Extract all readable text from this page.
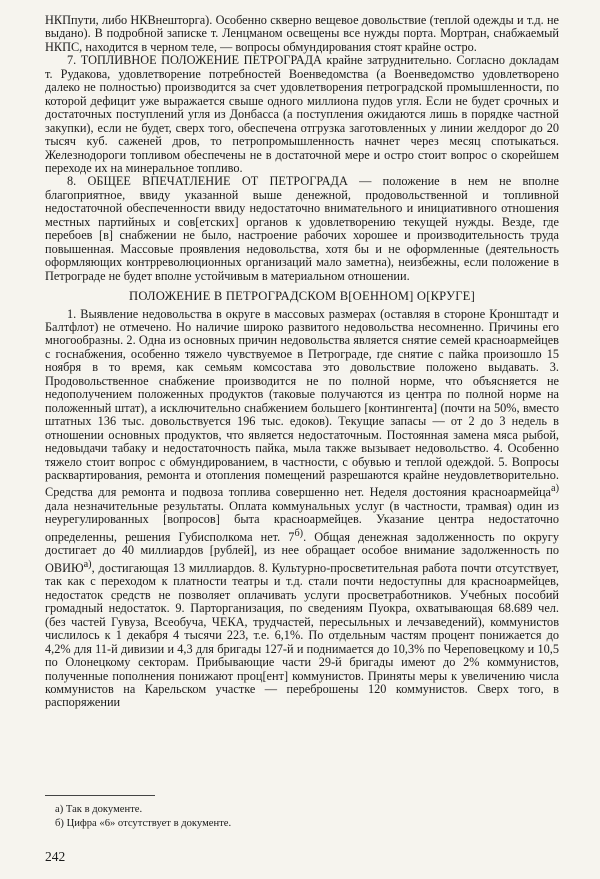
НКПпути, либо НКВнешторга). Особенно скверно вещевое довольствие (теплой одежды и т.д. не выдано). В подробной записке т. Ленцманом освещены все нужды порта. Мортран, снабжаемый НКПС, находится в черном теле, — вопросы обмундирования стоят крайне остро.

7. ТОПЛИВНОЕ ПОЛОЖЕНИЕ ПЕТРОГРАДА крайне затруднительно. Согласно докладам т. Рудакова, удовлетворение потребностей Военведомства (а Военведомство удовлетворено далеко не полностью) производится за счет удовлетворения петроградской промышленности, по которой дефицит уже выражается свыше одного миллиона пудов угля. Если не будет срочных и достаточных поступлений угля из Донбасса (а поступления ожидаются лишь в порядке частной закупки), если не будет, сверх того, обеспечена отгрузка заготовленных у линии желдорог до 20 тысяч куб. саженей дров, то петропромышленность начнет через месяц спотыкаться. Железнодороги топливом обеспечены не в достаточной мере и остро стоит вопрос о скорейшем переходе их на минеральное топливо.

8. ОБЩЕЕ ВПЕЧАТЛЕНИЕ ОТ ПЕТРОГРАДА — положение в нем не вполне благоприятное, ввиду указанной выше денежной, продовольственной и топливной недостаточной обеспеченности ввиду недостаточно внимательного и инициативного отношения местных партийных и сов[етских] органов к удовлетворению текущей нужды. Везде, где перебоев [в] снабжении не было, настроение рабочих хорошее и производительность труда повышенная. Массовые проявления недовольства, хотя бы и не оформленные (деятельность оформляющих контрреволюционных организаций мало заметна), неизбежны, если положение в Петрограде не будет вполне устойчивым в материальном отношении.

ПОЛОЖЕНИЕ В ПЕТРОГРАДСКОМ В[ОЕННОМ] О[КРУГЕ]

1. Выявление недовольства в округе в массовых размерах (оставляя в стороне Кронштадт и Балтфлот) не отмечено. Но наличие широко развитого недовольства несомненно. Причины его многообразны. 2. Одна из основных причин недовольства является снятие семей красноармейцев с госнабжения, особенно тяжело чувствуемое в Петрограде, где снятие с пайка произошло 15 ноября в то время, как семьям комсостава это довольствие положено выдавать. 3. Продовольственное снабжение производится не по полной норме, что объясняется не недополучением положенных продуктов (таковые получаются из центра по полной норме на положенный штат), а исключительно снабжением большего [контингента] (почти на 50%, вместо штатных 136 тыс. довольствуется 196 тыс. едоков). Текущие запасы — от 2 до 3 недель в отношении основных продуктов, что является недостаточным. Постоянная замена мяса рыбой, недовыдачи табаку и недостаточность пайка, мыла также вызывает недовольство. 4. Особенно тяжело стоит вопрос с обмундированием, в частности, с обувью и теплой одеждой. 5. Вопросы расквартирования, ремонта и отопления помещений разрешаются крайне неудовлетворительно. Средства для ремонта и подвоза топлива совершенно нет. Неделя достояния красноармейца$^{а)}$ дала незначительные результаты. Оплата коммунальных услуг (в частности, трамвая) один из неурегулированных [вопросов] быта красноармейцев. Указание центра недостаточно определенны, решения Губисполкома нет. $7^{б)}$. Общая денежная задолженность по округу достигает до 40 миллиардов [рублей], из нее обращает особое внимание задолженность по $ОВИЮ^{а)}$, достигающая 13 миллиардов. 8. Культурно-просветительная работа почти отсутствует, так как с переходом к платности театры и т.д. стали почти недоступны для красноармейцев, недостаток средств не позволяет оплачивать услуги просветработников. Учебных пособий громадный недостаток. 9. Парторганизация, по сведениям Пуокра, охватывающая 68.689 чел. (без частей Гувуза, Всеобуча, ЧЕКА, трудчастей, пересыльных и лечзаведений), коммунистов числилось к 1 декабря 4 тысячи 223, т.е. 6,1%. По отдельным частям процент понижается до 4,2% для 11-й дивизии и 4,3 для бригады 127-й и поднимается до 10,3% по Череповецкому и 10,5 по Олонецкому секторам. Прибывающие части 29-й бригады имеют до 2% коммунистов, полученные пополнения понижают проц[ент] коммунистов. Приняты меры к увеличению числа коммунистов на Карельском участке — переброшены 120 коммунистов. Сверх того, в распоряжении

а) Так в документе.
б) Цифра «6» отсутствует в документе.
242
